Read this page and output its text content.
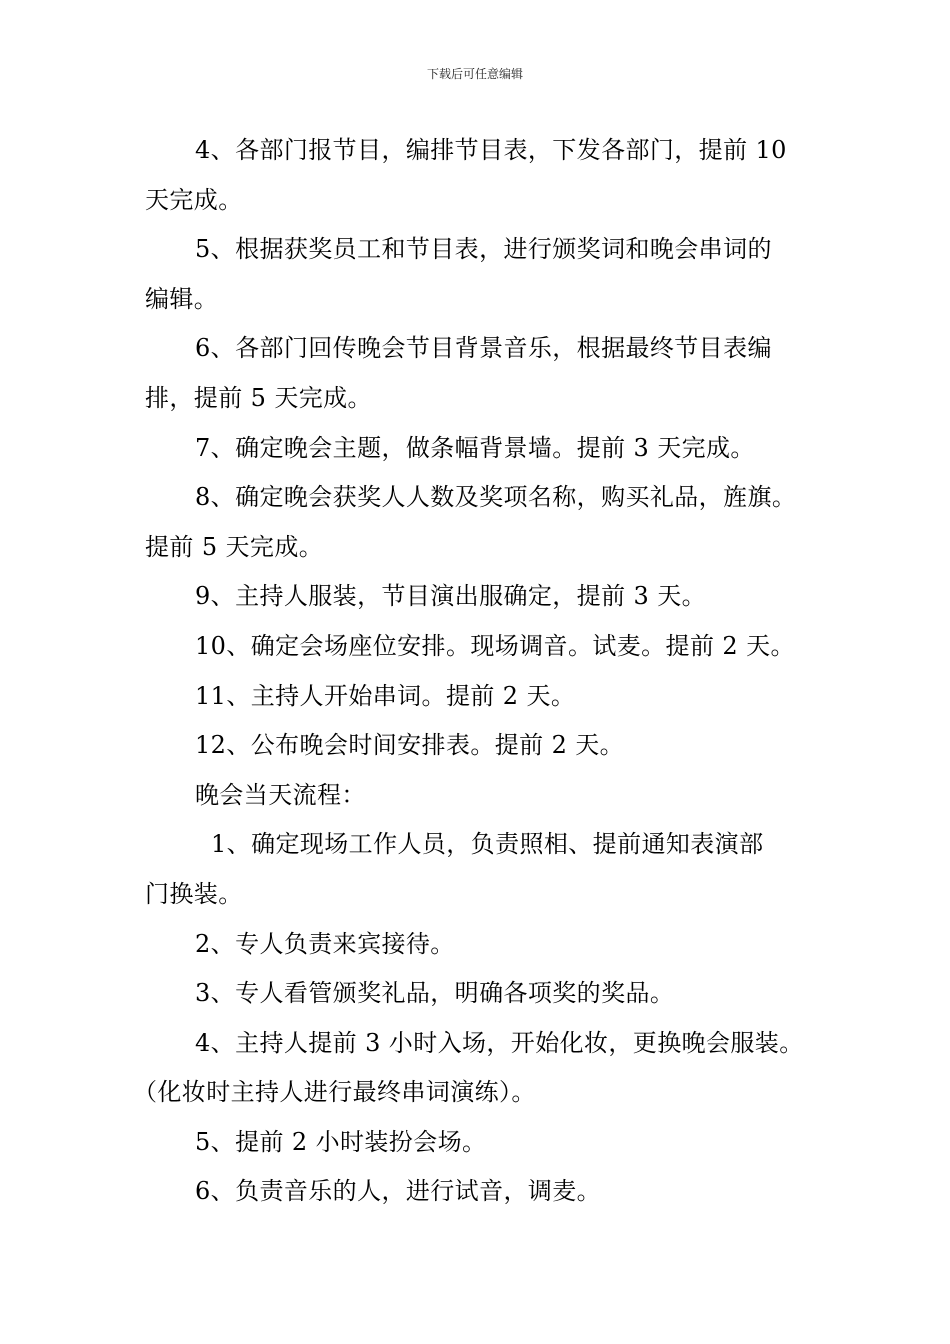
下载后可任意编辑
4、各部门报节目，编排节目表，下发各部门，提前 10
天完成。
5、根据获奖员工和节目表，进行颁奖词和晚会串词的
编辑。
6、各部门回传晚会节目背景音乐，根据最终节目表编
排，提前 5 天完成。
7、确定晚会主题，做条幅背景墙。提前 3 天完成。
8、确定晚会获奖人人数及奖项名称，购买礼品，旌旗。
提前 5 天完成。
9、主持人服装，节目演出服确定，提前 3 天。
10、确定会场座位安排。现场调音。试麦。提前 2 天。
11、主持人开始串词。提前 2 天。
12、公布晚会时间安排表。提前 2 天。
晚会当天流程：
1、确定现场工作人员，负责照相、提前通知表演部
门换装。
2、专人负责来宾接待。
3、专人看管颁奖礼品，明确各项奖的奖品。
4、主持人提前 3 小时入场，开始化妆，更换晚会服装。
（化妆时主持人进行最终串词演练）。
5、提前 2 小时装扮会场。
6、负责音乐的人，进行试音，调麦。
